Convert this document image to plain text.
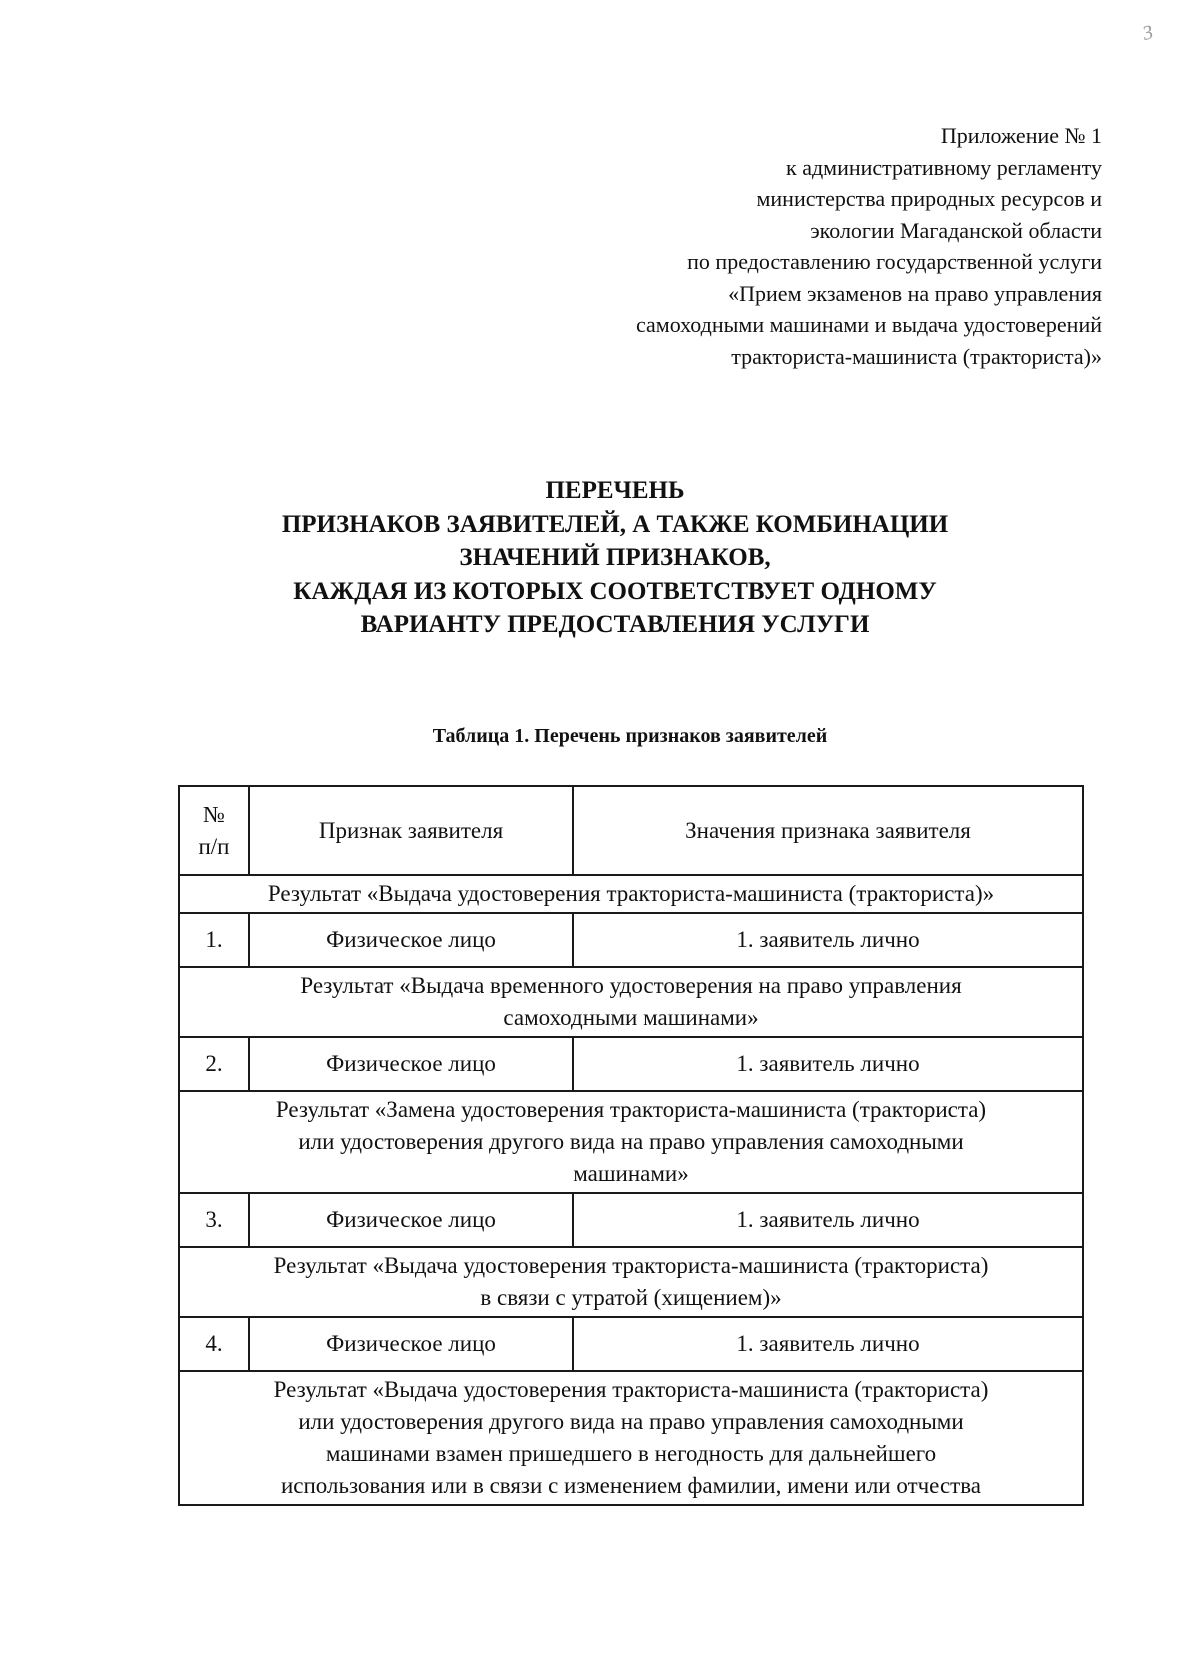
3
Приложение № 1
к административному регламенту
министерства природных ресурсов и
экологии Магаданской области
по предоставлению государственной услуги
«Прием экзаменов на право управления
самоходными машинами и выдача удостоверений
тракториста-машиниста (тракториста)»
ПЕРЕЧЕНЬ
ПРИЗНАКОВ ЗАЯВИТЕЛЕЙ, А ТАКЖЕ КОМБИНАЦИИ
ЗНАЧЕНИЙ ПРИЗНАКОВ,
КАЖДАЯ ИЗ КОТОРЫХ СООТВЕТСТВУЕТ ОДНОМУ
ВАРИАНТУ ПРЕДОСТАВЛЕНИЯ УСЛУГИ
Таблица 1. Перечень признаков заявителей
№
п/п	Признак заявителя	Значения признака заявителя

Результат «Выдача удостоверения тракториста-машиниста (тракториста)»		

1.	Физическое лицо	1. заявитель лично

Результат «Выдача временного удостоверения на право управления
самоходными машинами»		

2.	Физическое лицо	1. заявитель лично

Результат «Замена удостоверения тракториста-машиниста (тракториста)
или удостоверения другого вида на право управления самоходными
машинами»		

3.	Физическое лицо	1. заявитель лично

Результат «Выдача удостоверения тракториста-машиниста (тракториста)
в связи с утратой (хищением)»		

4.	Физическое лицо	1. заявитель лично

Результат «Выдача удостоверения тракториста-машиниста (тракториста)
или удостоверения другого вида на право управления самоходными
машинами взамен пришедшего в негодность для дальнейшего
использования или в связи с изменением фамилии, имени или отчества		
